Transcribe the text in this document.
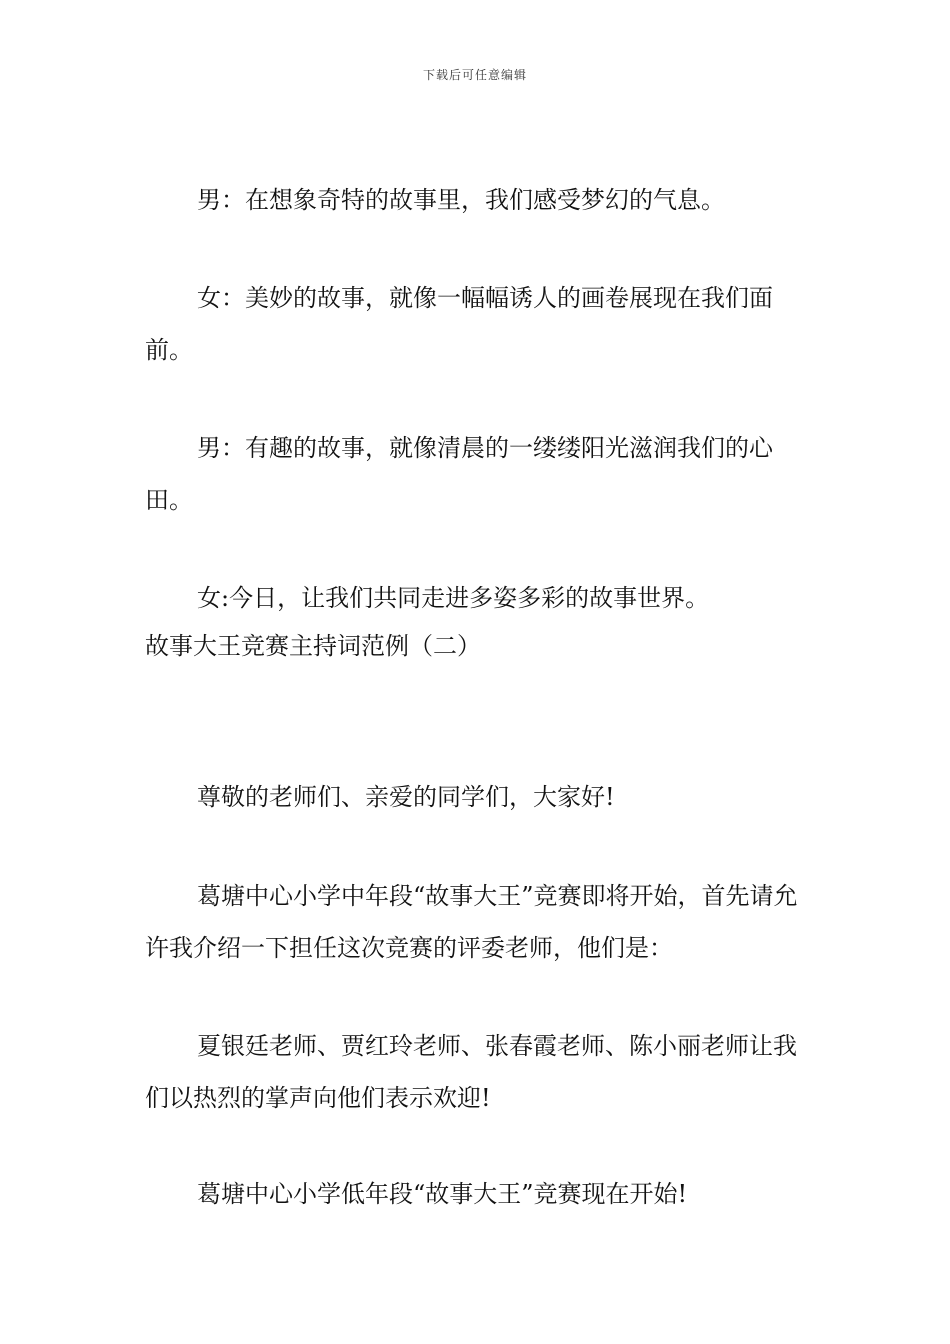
下载后可任意编辑

男：在想象奇特的故事里，我们感受梦幻的气息。

女：美妙的故事，就像一幅幅诱人的画卷展现在我们面前。

男：有趣的故事，就像清晨的一缕缕阳光滋润我们的心田。

女:今日，让我们共同走进多姿多彩的故事世界。

故事大王竞赛主持词范例（二）

尊敬的老师们、亲爱的同学们，大家好!

葛塘中心小学中年段“故事大王”竞赛即将开始，首先请允许我介绍一下担任这次竞赛的评委老师，他们是：

夏银廷老师、贾红玲老师、张春霞老师、陈小丽老师让我们以热烈的掌声向他们表示欢迎!

葛塘中心小学低年段“故事大王”竞赛现在开始!
